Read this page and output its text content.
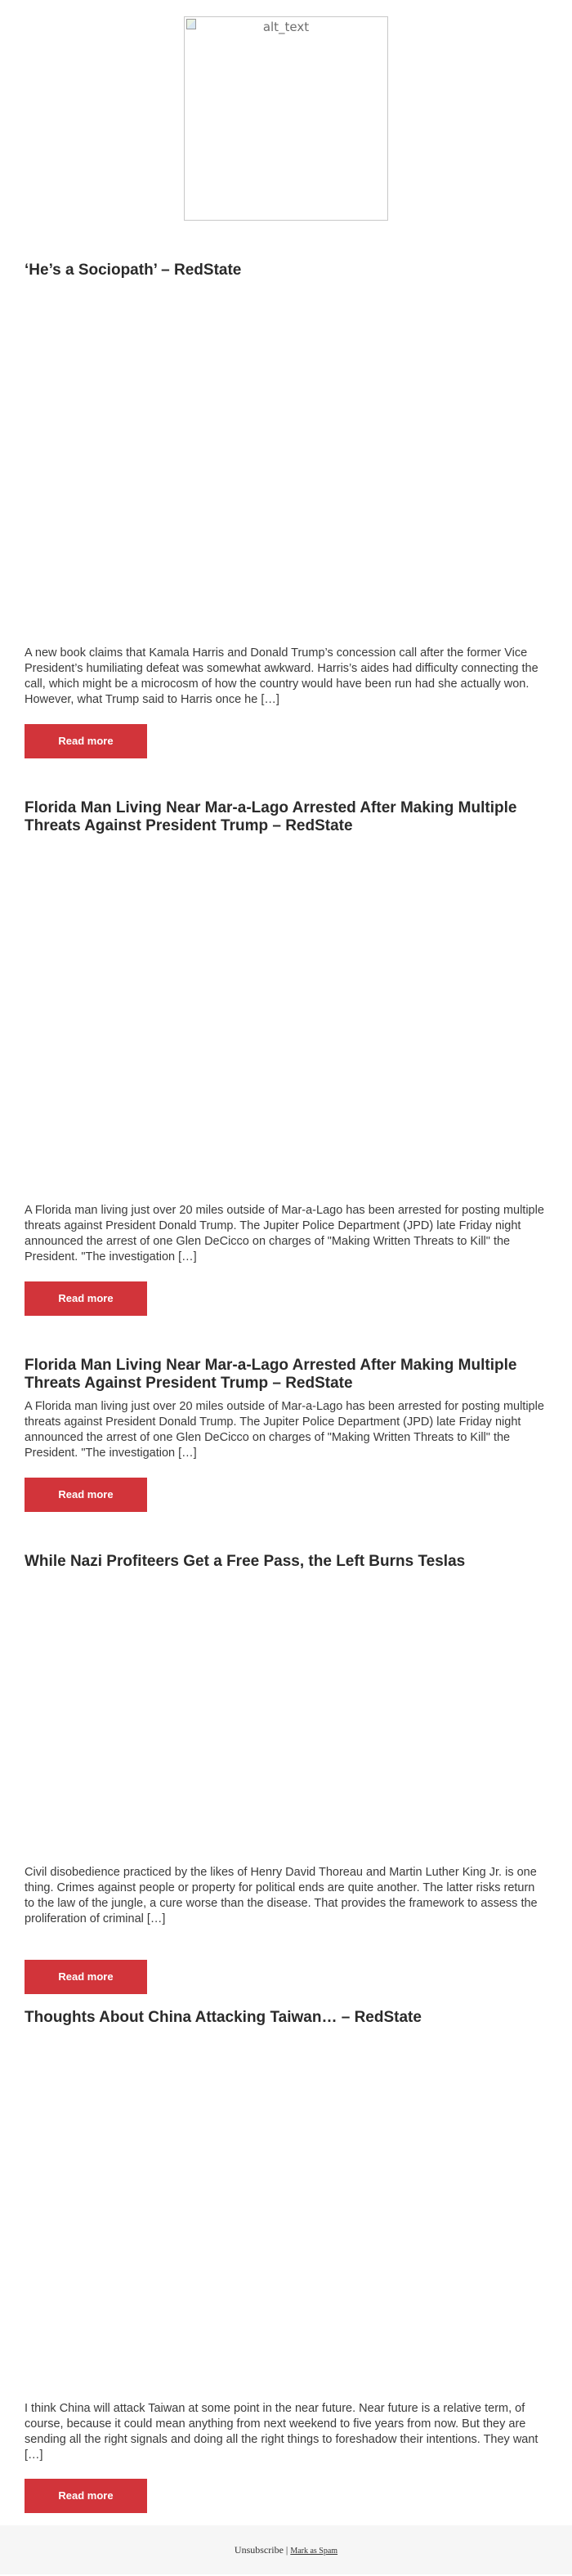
alt_text
‘He’s a Sociopath’ – RedState

A new book claims that Kamala Harris and Donald Trump’s concession call after the former Vice President’s humiliating defeat was somewhat awkward. Harris’s aides had difficulty connecting the call, which might be a microcosm of how the country would have been run had she actually won. However, what Trump said to Harris once he […]

Read more
Florida Man Living Near Mar-a-Lago Arrested After Making Multiple Threats Against President Trump – RedState

A Florida man living just over 20 miles outside of Mar-a-Lago has been arrested for posting multiple threats against President Donald Trump. The Jupiter Police Department (JPD) late Friday night announced the arrest of one Glen DeCicco on charges of "Making Written Threats to Kill" the President. "The investigation […]

Read more
Florida Man Living Near Mar-a-Lago Arrested After Making Multiple Threats Against President Trump – RedState

A Florida man living just over 20 miles outside of Mar-a-Lago has been arrested for posting multiple threats against President Donald Trump. The Jupiter Police Department (JPD) late Friday night announced the arrest of one Glen DeCicco on charges of "Making Written Threats to Kill" the President. "The investigation […]

Read more
While Nazi Profiteers Get a Free Pass, the Left Burns Teslas

Civil disobedience practiced by the likes of Henry David Thoreau and Martin Luther King Jr. is one thing. Crimes against people or property for political ends are quite another. The latter risks return to the law of the jungle, a cure worse than the disease. That provides the framework to assess the proliferation of criminal […]

Read more
Thoughts About China Attacking Taiwan… – RedState

I think China will attack Taiwan at some point in the near future. Near future is a relative term, of course, because it could mean anything from next weekend to five years from now. But they are sending all the right signals and doing all the right things to foreshadow their intentions. They want […]

Read more
Unsubscribe | Mark as Spam
